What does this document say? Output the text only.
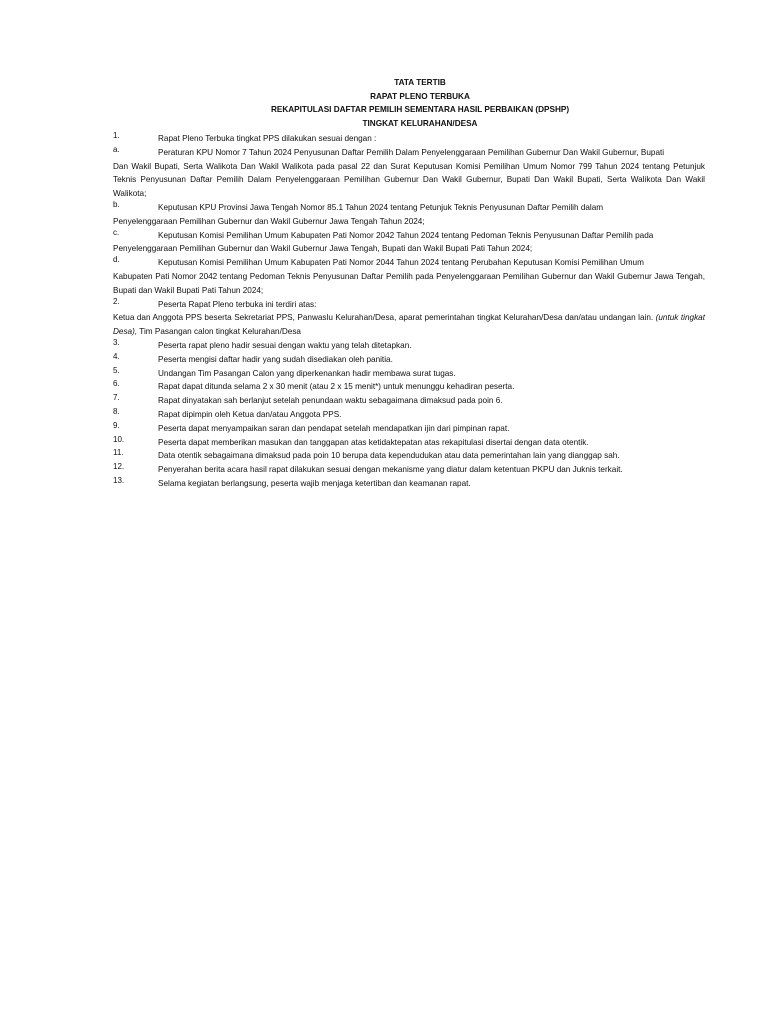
TATA TERTIB
RAPAT PLENO TERBUKA
REKAPITULASI DAFTAR PEMILIH SEMENTARA HASIL PERBAIKAN (DPSHP)
TINGKAT KELURAHAN/DESA
1.	Rapat Pleno Terbuka tingkat PPS dilakukan sesuai dengan :
a.	Peraturan KPU Nomor 7 Tahun 2024 Penyusunan Daftar Pemilih Dalam Penyelenggaraan Pemilihan Gubernur Dan Wakil Gubernur, Bupati
Dan Wakil Bupati, Serta Walikota Dan Wakil Walikota pada pasal 22 dan Surat Keputusan Komisi Pemilihan Umum Nomor 799 Tahun 2024 tentang Petunjuk Teknis Penyusunan Daftar Pemilih Dalam Penyelenggaraan Pemilihan Gubernur Dan Wakil Gubernur, Bupati Dan Wakil Bupati, Serta Walikota Dan Wakil Walikota;
b.	Keputusan KPU Provinsi Jawa Tengah Nomor 85.1 Tahun 2024 tentang Petunjuk Teknis Penyusunan Daftar Pemilih dalam
Penyelenggaraan Pemilihan Gubernur dan Wakil Gubernur Jawa Tengah Tahun 2024;
c.	Keputusan Komisi Pemilihan Umum Kabupaten Pati Nomor 2042 Tahun 2024 tentang Pedoman Teknis Penyusunan Daftar Pemilih pada
Penyelenggaraan Pemilihan Gubernur dan Wakil Gubernur Jawa Tengah, Bupati dan Wakil Bupati Pati Tahun 2024;
d.	Keputusan Komisi Pemilihan Umum Kabupaten Pati Nomor 2044 Tahun 2024 tentang Perubahan Keputusan Komisi Pemilihan Umum
Kabupaten Pati Nomor 2042 tentang Pedoman Teknis Penyusunan Daftar Pemilih pada Penyelenggaraan Pemilihan Gubernur dan Wakil Gubernur Jawa Tengah, Bupati dan Wakil Bupati Pati Tahun 2024;
2.	Peserta Rapat Pleno terbuka ini terdiri atas:
Ketua dan Anggota PPS beserta Sekretariat PPS, Panwaslu Kelurahan/Desa, aparat pemerintahan tingkat Kelurahan/Desa dan/atau undangan lain. (untuk tingkat Desa), Tim Pasangan calon tingkat Kelurahan/Desa
3.	Peserta rapat pleno hadir sesuai dengan waktu yang telah ditetapkan.
4.	Peserta mengisi daftar hadir yang sudah disediakan oleh panitia.
5.	Undangan Tim Pasangan Calon yang diperkenankan hadir membawa surat tugas.
6.	Rapat dapat ditunda selama 2 x 30 menit (atau 2 x 15 menit*) untuk menunggu kehadiran peserta.
7.	Rapat dinyatakan sah berlanjut setelah penundaan waktu sebagaimana dimaksud pada poin 6.
8.	Rapat dipimpin oleh Ketua dan/atau Anggota PPS.
9.	Peserta dapat menyampaikan saran dan pendapat setelah mendapatkan ijin dari pimpinan rapat.
10.	Peserta dapat memberikan masukan dan tanggapan atas ketidaktepatan atas rekapitulasi disertai dengan data otentik.
11.	Data otentik sebagaimana dimaksud pada poin 10 berupa data kependudukan atau data pemerintahan lain yang dianggap sah.
12.	Penyerahan berita acara hasil rapat dilakukan sesuai dengan mekanisme yang diatur dalam ketentuan PKPU dan Juknis terkait.
13.	Selama kegiatan berlangsung, peserta wajib menjaga ketertiban dan keamanan rapat.
